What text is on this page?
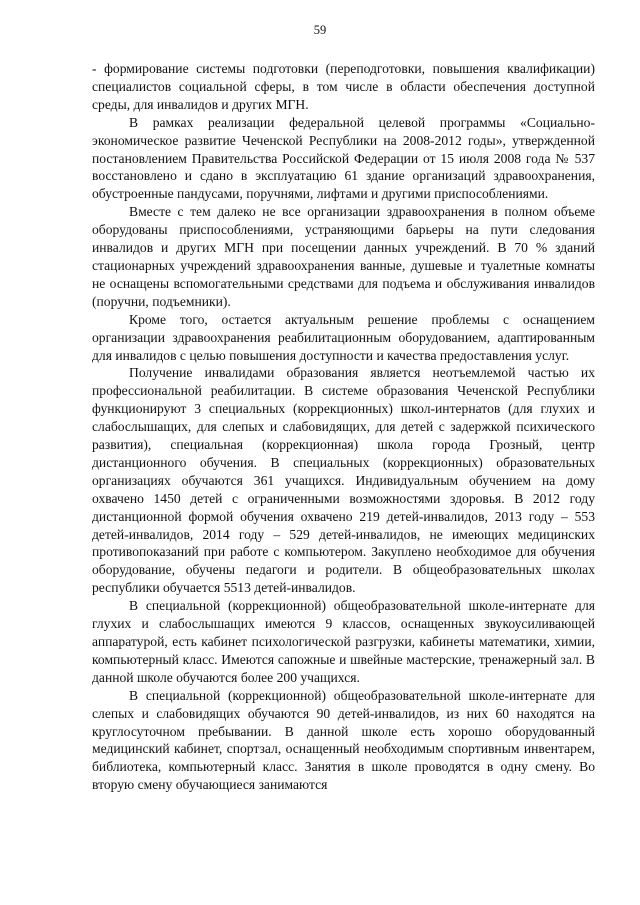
59

- формирование системы подготовки (переподготовки, повышения квалификации) специалистов социальной сферы, в том числе в области обеспечения доступной среды, для инвалидов и других МГН.

В рамках реализации федеральной целевой программы «Социально-экономическое развитие Чеченской Республики на 2008-2012 годы», утвержденной постановлением Правительства Российской Федерации от 15 июля 2008 года № 537 восстановлено и сдано в эксплуатацию 61 здание организаций здравоохранения, обустроенные пандусами, поручнями, лифтами и другими приспособлениями.

Вместе с тем далеко не все организации здравоохранения в полном объеме оборудованы приспособлениями, устраняющими барьеры на пути следования инвалидов и других МГН при посещении данных учреждений. В 70 % зданий стационарных учреждений здравоохранения ванные, душевые и туалетные комнаты не оснащены вспомогательными средствами для подъема и обслуживания инвалидов (поручни, подъемники).

Кроме того, остается актуальным решение проблемы с оснащением организации здравоохранения реабилитационным оборудованием, адаптированным для инвалидов с целью повышения доступности и качества предоставления услуг.

Получение инвалидами образования является неотъемлемой частью их профессиональной реабилитации. В системе образования Чеченской Республики функционируют 3 специальных (коррекционных) школ-интернатов (для глухих и слабослышащих, для слепых и слабовидящих, для детей с задержкой психического развития), специальная (коррекционная) школа города Грозный, центр дистанционного обучения. В специальных (коррекционных) образовательных организациях обучаются 361 учащихся. Индивидуальным обучением на дому охвачено 1450 детей с ограниченными возможностями здоровья. В 2012 году дистанционной формой обучения охвачено 219 детей-инвалидов, 2013 году – 553 детей-инвалидов, 2014 году – 529 детей-инвалидов, не имеющих медицинских противопоказаний при работе с компьютером. Закуплено необходимое для обучения оборудование, обучены педагоги и родители. В общеобразовательных школах республики обучается 5513 детей-инвалидов.

В специальной (коррекционной) общеобразовательной школе-интернате для глухих и слабослышащих имеются 9 классов, оснащенных звукоусиливающей аппаратурой, есть кабинет психологической разгрузки, кабинеты математики, химии, компьютерный класс. Имеются сапожные и швейные мастерские, тренажерный зал. В данной школе обучаются более 200 учащихся.

В специальной (коррекционной) общеобразовательной школе-интернате для слепых и слабовидящих обучаются 90 детей-инвалидов, из них 60 находятся на круглосуточном пребывании. В данной школе есть хорошо оборудованный медицинский кабинет, спортзал, оснащенный необходимым спортивным инвентарем, библиотека, компьютерный класс. Занятия в школе проводятся в одну смену. Во вторую смену обучающиеся занимаются
